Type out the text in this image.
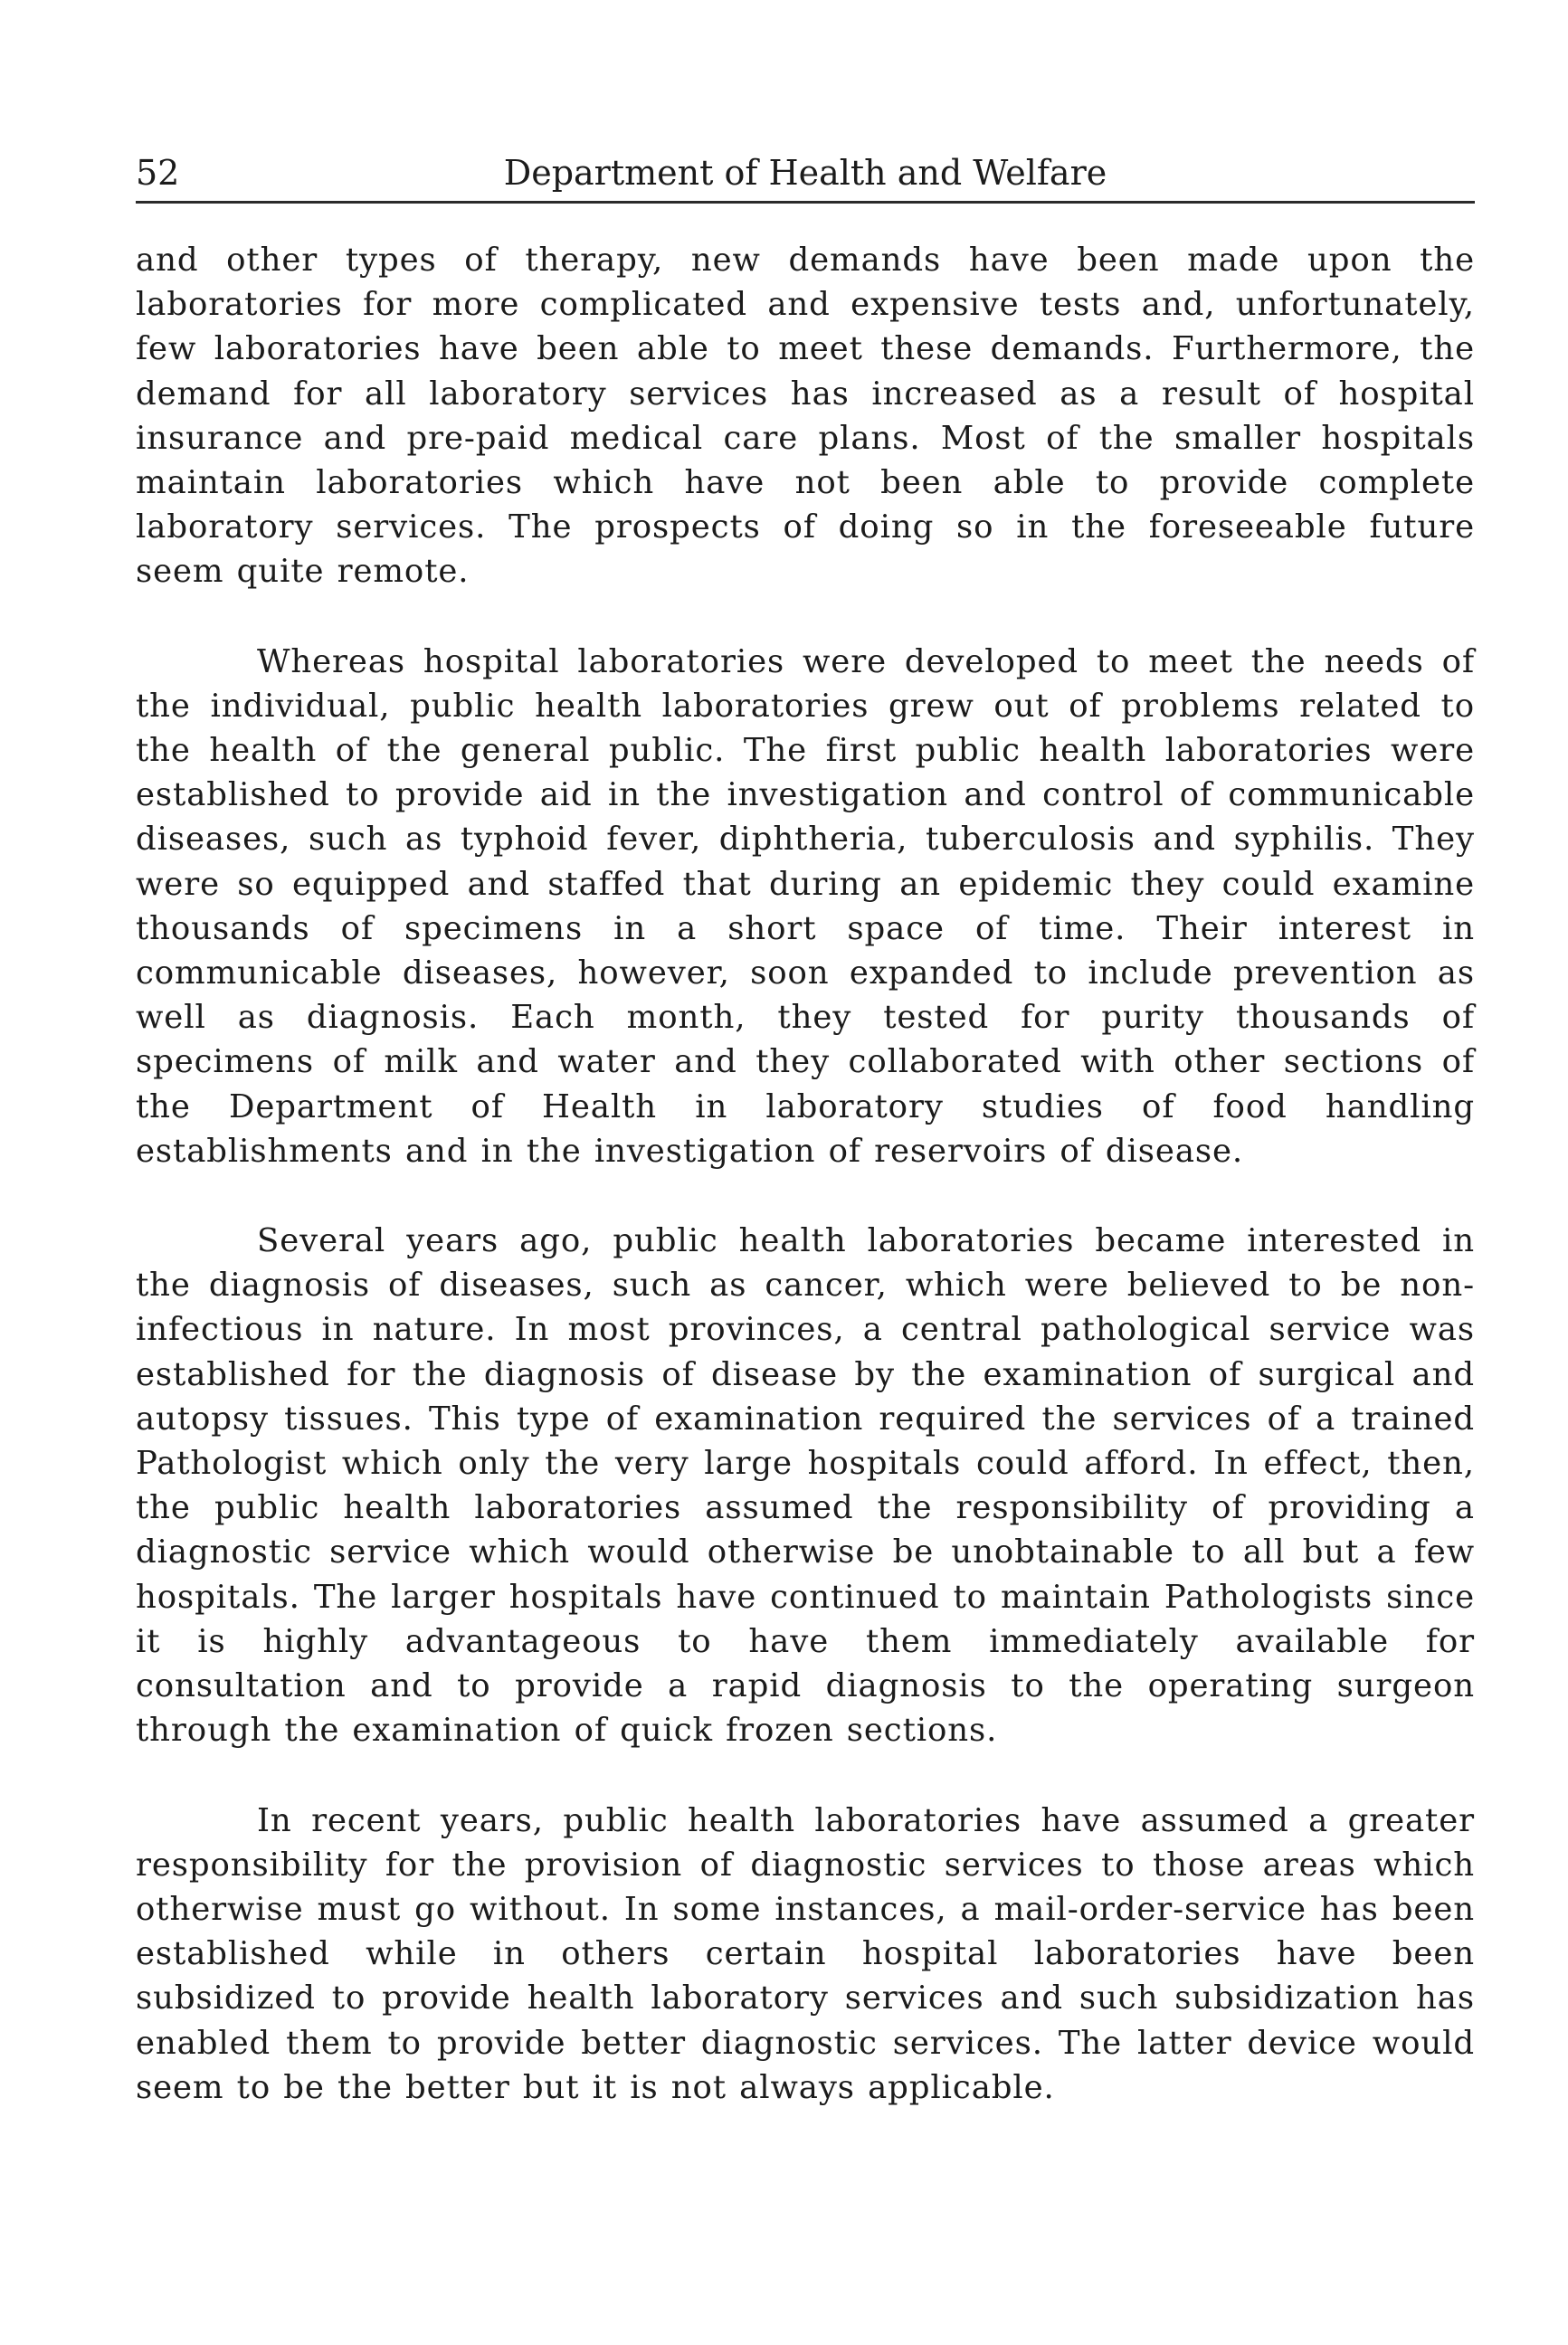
52	Department of Health and Welfare

and other types of therapy, new demands have been made upon the laboratories for more complicated and expensive tests and, unfortunately, few laboratories have been able to meet these demands. Furthermore, the demand for all laboratory services has increased as a result of hospital insurance and pre-paid medical care plans. Most of the smaller hospitals maintain laboratories which have not been able to provide complete laboratory services. The prospects of doing so in the foreseeable future seem quite remote.

Whereas hospital laboratories were developed to meet the needs of the individual, public health laboratories grew out of problems related to the health of the general public. The first public health laboratories were established to provide aid in the investigation and control of communicable diseases, such as typhoid fever, diphtheria, tuberculosis and syphilis. They were so equipped and staffed that during an epidemic they could examine thousands of specimens in a short space of time. Their interest in communicable diseases, however, soon expanded to include prevention as well as diagnosis. Each month, they tested for purity thousands of specimens of milk and water and they collaborated with other sections of the Department of Health in laboratory studies of food handling establishments and in the investigation of reservoirs of disease.

Several years ago, public health laboratories became interested in the diagnosis of diseases, such as cancer, which were believed to be non-infectious in nature. In most provinces, a central pathological service was established for the diagnosis of disease by the examination of surgical and autopsy tissues. This type of examination required the services of a trained Pathologist which only the very large hospitals could afford. In effect, then, the public health laboratories assumed the responsibility of providing a diagnostic service which would otherwise be unobtainable to all but a few hospitals. The larger hospitals have continued to maintain Pathologists since it is highly advantageous to have them immediately available for consultation and to provide a rapid diagnosis to the operating surgeon through the examination of quick frozen sections.

In recent years, public health laboratories have assumed a greater responsibility for the provision of diagnostic services to those areas which otherwise must go without. In some instances, a mail-order-service has been established while in others certain hospital laboratories have been subsidized to provide health laboratory services and such subsidization has enabled them to provide better diagnostic services. The latter device would seem to be the better but it is not always applicable.
